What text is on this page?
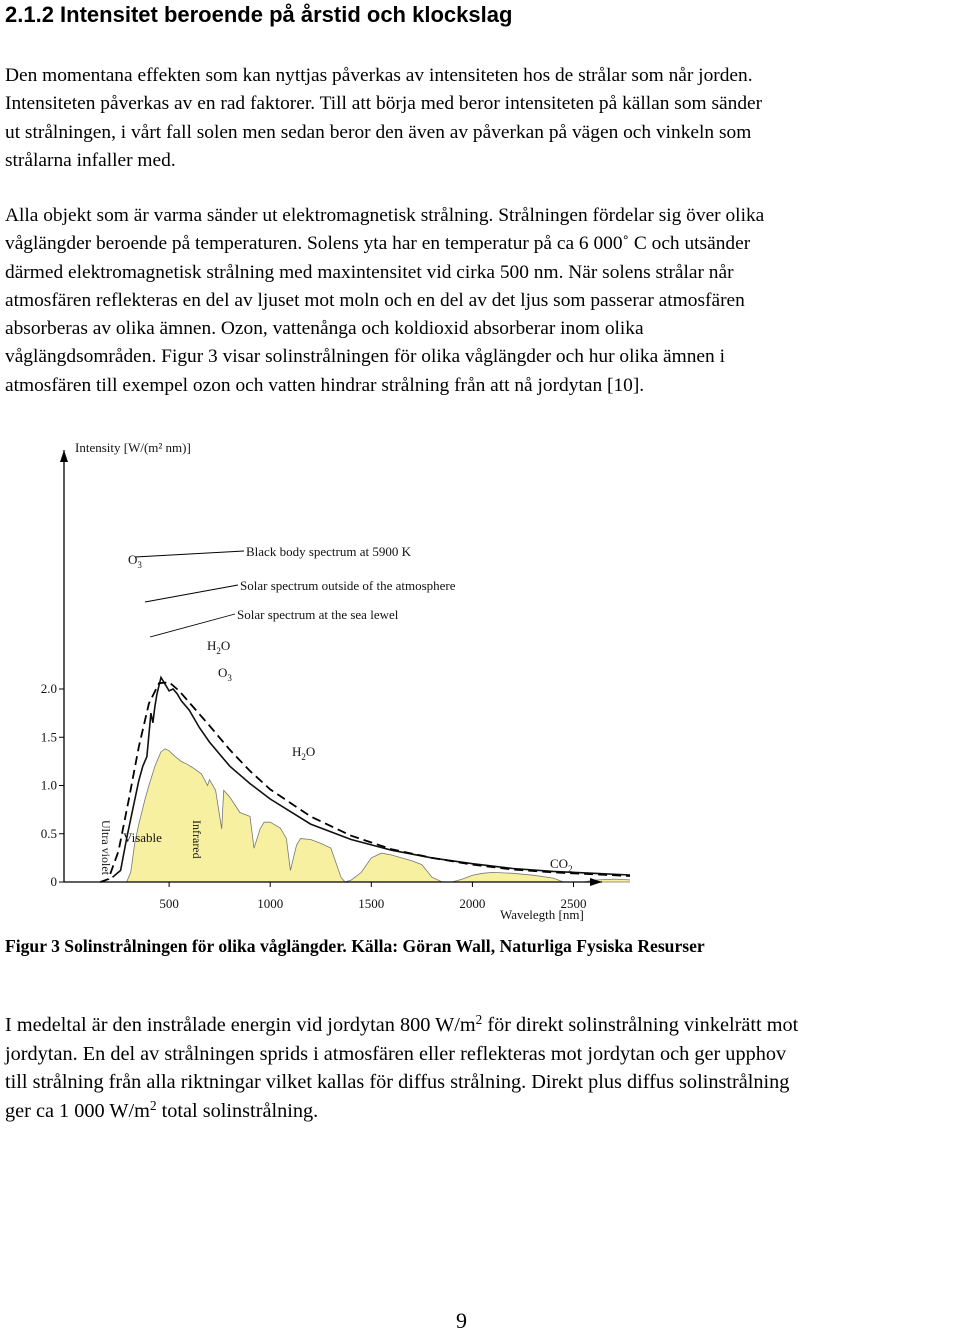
2.1.2 Intensitet beroende på årstid och klockslag

Den momentana effekten som kan nyttjas påverkas av intensiteten hos de strålar som når jorden.
Intensiteten påverkas av en rad faktorer. Till att börja med beror intensiteten på källan som sänder
ut strålningen, i vårt fall solen men sedan beror den även av påverkan på vägen och vinkeln som
strålarna infaller med.

Alla objekt som är varma sänder ut elektromagnetisk strålning. Strålningen fördelar sig över olika
våglängder beroende på temperaturen. Solens yta har en temperatur på ca 6 000˚ C och utsänder
därmed elektromagnetisk strålning med maxintensitet vid cirka 500 nm. När solens strålar når
atmosfären reflekteras en del av ljuset mot moln och en del av det ljus som passerar atmosfären
absorberas av olika ämnen. Ozon, vattenånga och koldioxid absorberar inom olika
våglängdsområden. Figur 3 visar solinstrålningen för olika våglängder och hur olika ämnen i
atmosfären till exempel ozon och vatten hindrar strålning från att nå jordytan [10].

500	1000	1500	2000	2500
0
0.5
1.0
1.5
2.0
Intensity [W/(m² nm)]
Wavelegth [nm]
Black body spectrum at 5900 K
Solar spectrum outside of the atmosphere
Solar spectrum at the sea lewel
$O_3$
$H_2O$
$O_3$
$H_2O$
$CO_2$
Visable
Ultra violet	Infrared

Figur 3 Solinstrålningen för olika våglängder. Källa: Göran Wall, Naturliga Fysiska Resurser

I medeltal är den instrålade energin vid jordytan 800 $W/m^2$ för direkt solinstrålning vinkelrätt mot
jordytan. En del av strålningen sprids i atmosfären eller reflekteras mot jordytan och ger upphov
till strålning från alla riktningar vilket kallas för diffus strålning. Direkt plus diffus solinstrålning
ger ca 1 000 $W/m^2$ total solinstrålning.

9
